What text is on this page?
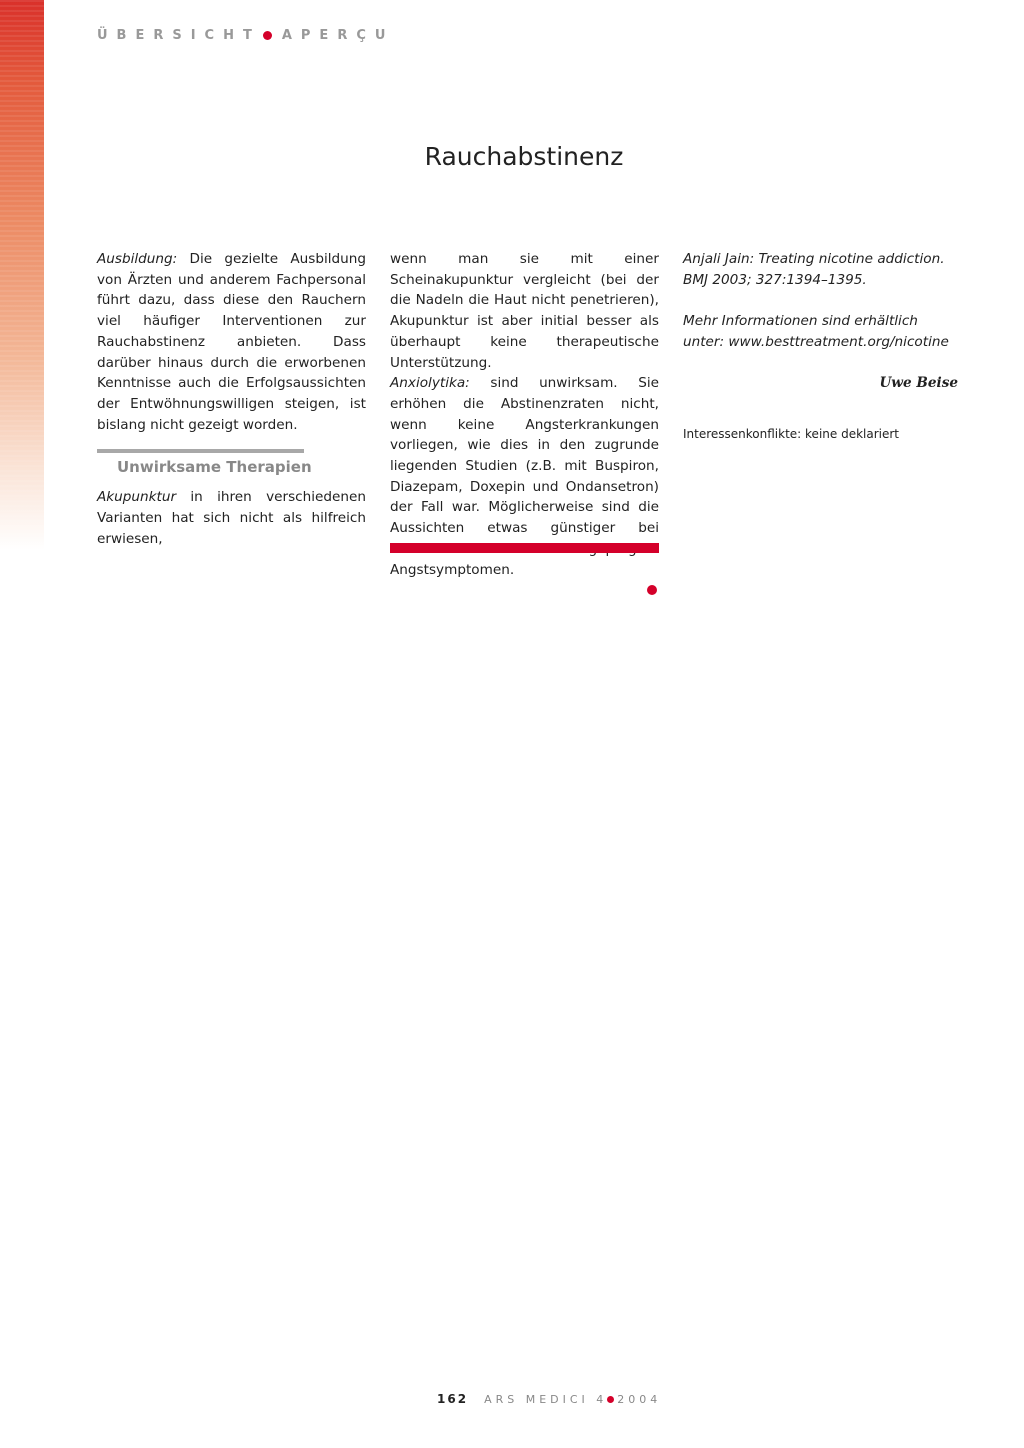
ÜBERSICHT APERÇU
Rauchabstinenz

Ausbildung: Die gezielte Ausbildung von Ärzten und anderem Fachpersonal führt dazu, dass diese den Rauchern viel häufiger Interventionen zur Rauchabstinenz anbieten. Dass darüber hinaus durch die erworbenen Kenntnisse auch die Erfolgsaussichten der Entwöhnungswilligen steigen, ist bislang nicht gezeigt worden.

Unwirksame Therapien

Akupunktur in ihren verschiedenen Varianten hat sich nicht als hilfreich erwiesen,

wenn man sie mit einer Scheinakupunktur vergleicht (bei der die Nadeln die Haut nicht penetrieren), Akupunktur ist aber initial besser als überhaupt keine therapeutische Unterstützung.

Anxiolytika: sind unwirksam. Sie erhöhen die Abstinenzraten nicht, wenn keine Angsterkrankungen vorliegen, wie dies in den zugrunde liegenden Studien (z.B. mit Buspiron, Diazepam, Doxepin und Ondansetron) der Fall war. Möglicherweise sind die Aussichten etwas günstiger bei Angstsymptomen.

Anjali Jain: Treating nicotine addiction. BMJ 2003; 327:1394–1395.

Mehr Informationen sind erhältlich unter: www.besttreatment.org/nicotine

Uwe Beise

Interessenkonflikte: keine deklariert

162 ARS MEDICI 4 2004
